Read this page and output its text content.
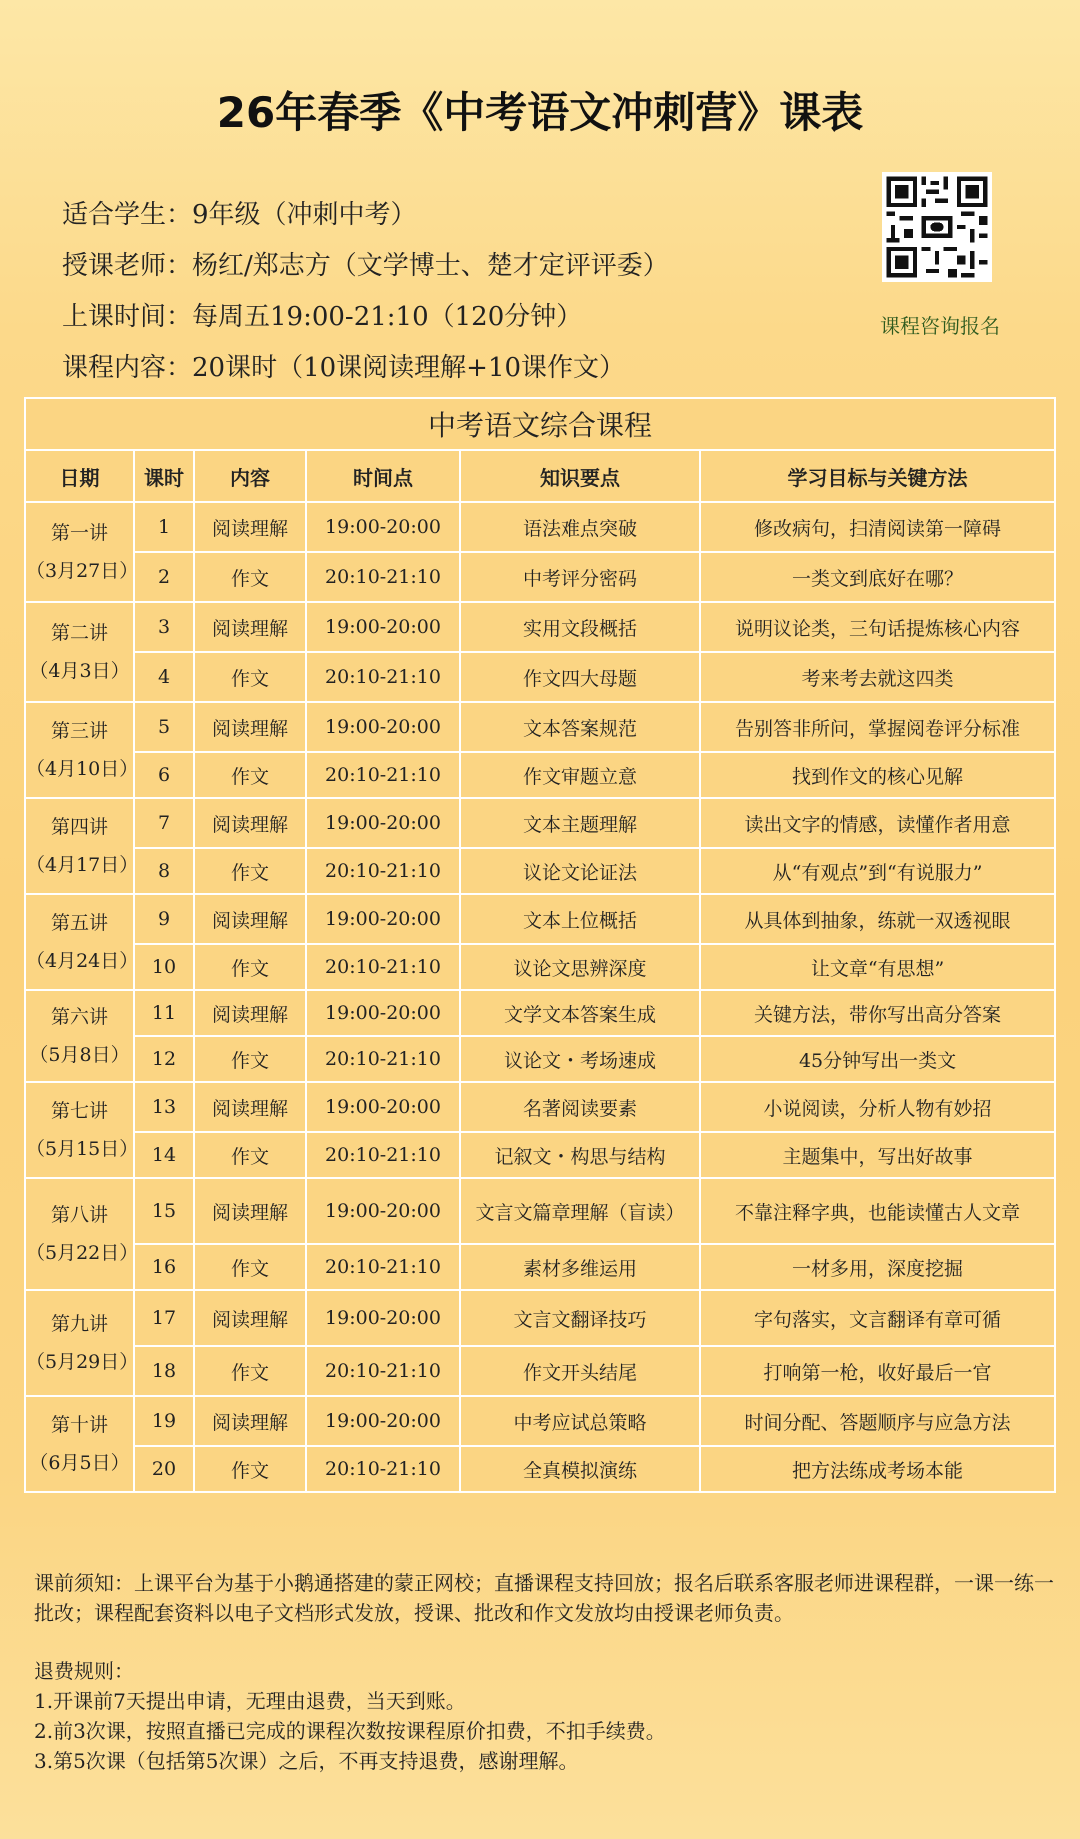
26年春季《中考语文冲刺营》课表
适合学生：9年级（冲刺中考）
授课老师：杨红/郑志方（文学博士、楚才定评评委）
上课时间：每周五19:00-21:10（120分钟）
课程内容：20课时（10课阅读理解+10课作文）
课程咨询报名
中考语文综合课程					
日期	课时	内容	时间点	知识要点	学习目标与关键方法

第一讲
（3月27日）	1	阅读理解	19:00-20:00	语法难点突破	修改病句，扫清阅读第一障碍
	2	作文	20:10-21:10	中考评分密码	一类文到底好在哪？

第二讲
（4月3日）	3	阅读理解	19:00-20:00	实用文段概括	说明议论类，三句话提炼核心内容
	4	作文	20:10-21:10	作文四大母题	考来考去就这四类

第三讲
（4月10日）	5	阅读理解	19:00-20:00	文本答案规范	告别答非所问，掌握阅卷评分标准
	6	作文	20:10-21:10	作文审题立意	找到作文的核心见解

第四讲
（4月17日）	7	阅读理解	19:00-20:00	文本主题理解	读出文字的情感，读懂作者用意
	8	作文	20:10-21:10	议论文论证法	从“有观点”到“有说服力”

第五讲
（4月24日）	9	阅读理解	19:00-20:00	文本上位概括	从具体到抽象，练就一双透视眼
	10	作文	20:10-21:10	议论文思辨深度	让文章“有思想”

第六讲
（5月8日）	11	阅读理解	19:00-20:00	文学文本答案生成	关键方法，带你写出高分答案
	12	作文	20:10-21:10	议论文・考场速成	45分钟写出一类文

第七讲
（5月15日）	13	阅读理解	19:00-20:00	名著阅读要素	小说阅读，分析人物有妙招
	14	作文	20:10-21:10	记叙文・构思与结构	主题集中，写出好故事

第八讲
（5月22日）	15	阅读理解	19:00-20:00	文言文篇章理解（盲读）	不靠注释字典，也能读懂古人文章
	16	作文	20:10-21:10	素材多维运用	一材多用，深度挖掘

第九讲
（5月29日）	17	阅读理解	19:00-20:00	文言文翻译技巧	字句落实，文言翻译有章可循
	18	作文	20:10-21:10	作文开头结尾	打响第一枪，收好最后一官

第十讲
（6月5日）	19	阅读理解	19:00-20:00	中考应试总策略	时间分配、答题顺序与应急方法
	20	作文	20:10-21:10	全真模拟演练	把方法练成考场本能

课前须知：上课平台为基于小鹅通搭建的蒙正网校；直播课程支持回放；报名后联系客服老师进课程群，一课一练一批改；课程配套资料以电子文档形式发放，授课、批改和作文发放均由授课老师负责。

退费规则：

1.开课前7天提出申请，无理由退费，当天到账。

2.前3次课，按照直播已完成的课程次数按课程原价扣费，不扣手续费。

3.第5次课（包括第5次课）之后，不再支持退费，感谢理解。
